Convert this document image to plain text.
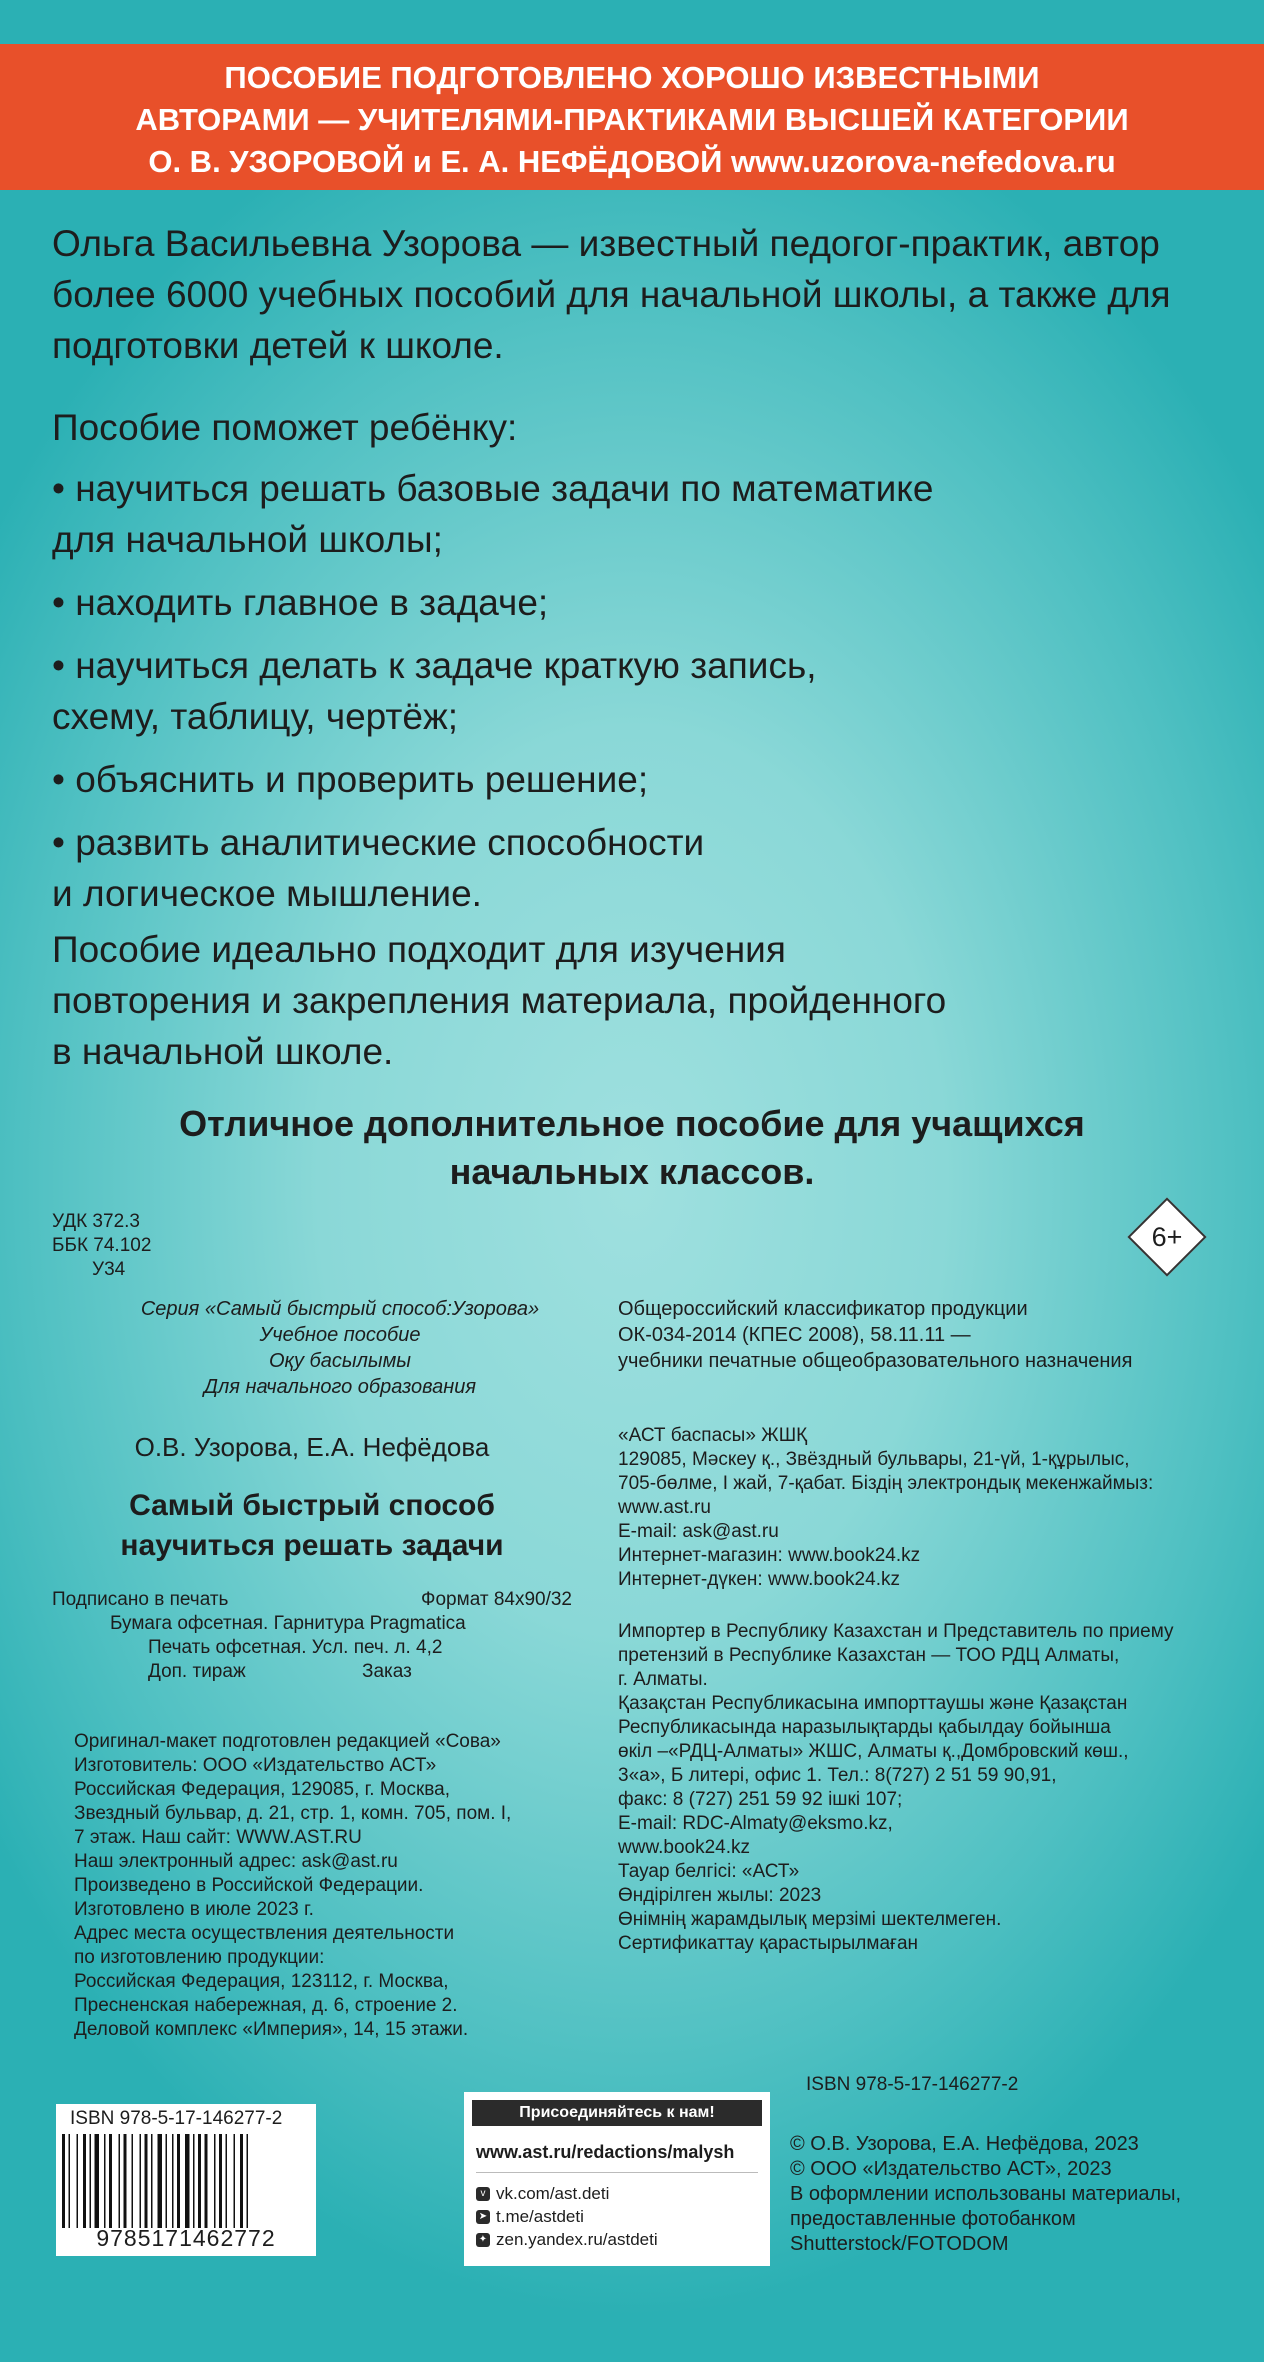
ПОСОБИЕ ПОДГОТОВЛЕНО ХОРОШО ИЗВЕСТНЫМИ
АВТОРАМИ — УЧИТЕЛЯМИ-ПРАКТИКАМИ ВЫСШЕЙ КАТЕГОРИИ
О. В. УЗОРОВОЙ и Е. А. НЕФЁДОВОЙ www.uzorova-nefedova.ru

Ольга Васильевна Узорова — известный педогог-практик, автор более 6000 учебных пособий для начальной школы, а также для подготовки детей к школе.

Пособие поможет ребёнку:

• научиться решать базовые задачи по математике
для начальной школы;

• находить главное в задаче;

• научиться делать к задаче краткую запись,
схему, таблицу, чертёж;

• объяснить и проверить решение;

• развить аналитические способности
и логическое мышление.

Пособие идеально подходит для изучения
повторения и закрепления материала, пройденного
в начальной школе.
Отличное дополнительное пособие для учащихся
начальных классов.
УДК 372.3
ББК 74.102
У34
6+
Серия «Самый быстрый способ:Узорова»
Учебное пособие
Оқу басылымы
Для начального образования
Общероссийский классификатор продукции
ОК-034-2014 (КПЕС 2008), 58.11.11 —
учебники печатные общеобразовательного назначения
О.В. Узорова, Е.А. Нефёдова
Самый быстрый способ
научиться решать задачи
Подписано в печать	Формат 84х90/32
Бумага офсетная. Гарнитура Pragmatica
Печать офсетная. Усл. печ. л. 4,2
Доп. тираж	Заказ
«АСТ баспасы» ЖШҚ
129085, Мәскеу қ., Звёздный бульвары, 21-үй, 1-құрылыс,
705-бөлме, I жай, 7-қабат. Біздің электрондық мекенжаймыз:
www.ast.ru
E-mail: ask@ast.ru
Интернет-магазин: www.book24.kz
Интернет-дүкен: www.book24.kz
Импортер в Республику Казахстан и Представитель по приему
претензий в Республике Казахстан — ТОО РДЦ Алматы,
г. Алматы.
Қазақстан Республикасына импорттаушы және Қазақстан
Республикасында наразылықтарды қабылдау бойынша
өкіл –«РДЦ-Алматы» ЖШС, Алматы қ.,Домбровский көш.,
3«а», Б литері, офис 1. Тел.: 8(727) 2 51 59 90,91,
факс: 8 (727) 251 59 92 ішкі 107;
E-mail: RDC-Almaty@eksmo.kz,
www.book24.kz
Тауар белгісі: «АСТ»
Өндірілген жылы: 2023
Өнімнің жарамдылық мерзімі шектелмеген.
Сертификаттау қарастырылмаған
Оригинал-макет подготовлен редакцией «Сова»
Изготовитель: ООО «Издательство АСТ»
Российская Федерация, 129085, г. Москва,
Звездный бульвар, д. 21, стр. 1, комн. 705, пом. I,
7 этаж. Наш сайт: WWW.AST.RU
Наш электронный адрес: ask@ast.ru
Произведено в Российской Федерации.
Изготовлено в июле 2023 г.
Адрес места осуществления деятельности
по изготовлению продукции:
Российская Федерация, 123112, г. Москва,
Пресненская набережная, д. 6, строение 2.
Деловой комплекс «Империя», 14, 15 этажи.
ISBN 978-5-17-146277-2
ISBN 978-5-17-146277-2
9785171462772
Присоединяйтесь к нам!
www.ast.ru/redactions/malysh
v vk.com/ast.deti
➤ t.me/astdeti
✦ zen.yandex.ru/astdeti
© О.В. Узорова, Е.А. Нефёдова, 2023
© ООО «Издательство АСТ», 2023
В оформлении использованы материалы,
предоставленные фотобанком
Shutterstock/FOTODOM
